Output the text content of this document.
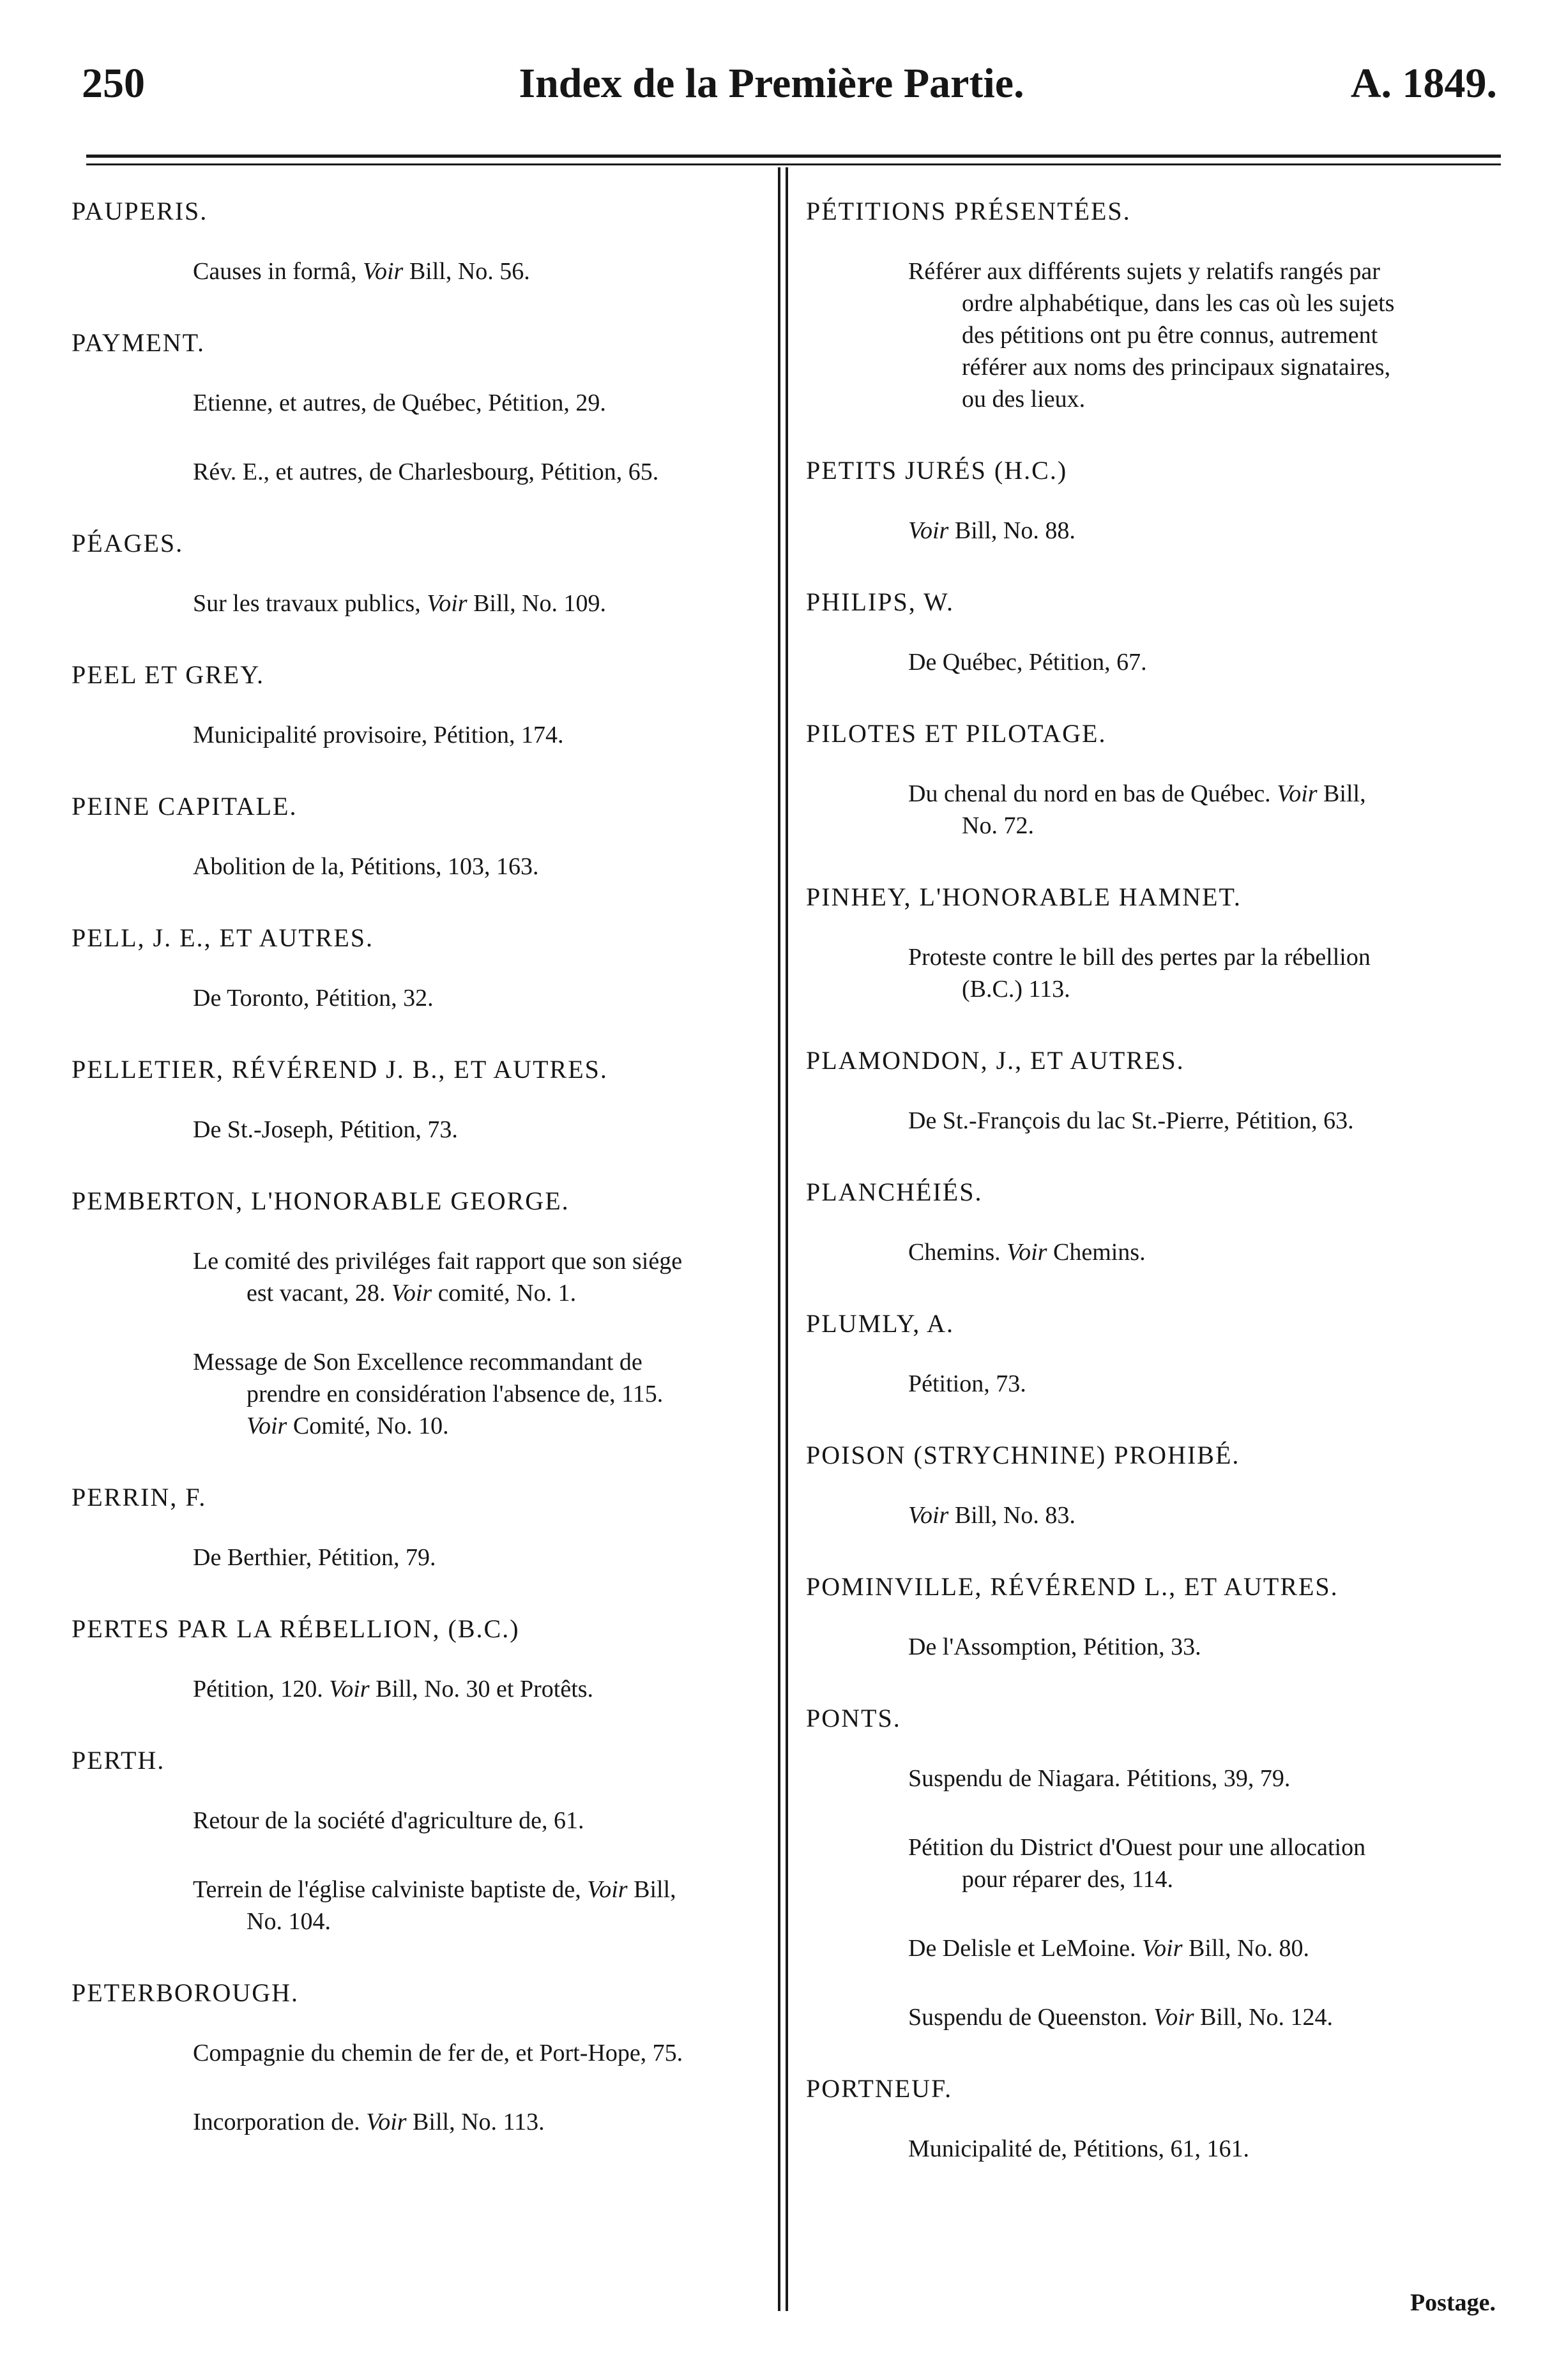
250	Index de la Première Partie.	A. 1849.
PAUPERIS.
Causes in formâ, Voir Bill, No. 56.
PAYMENT.
Etienne, et autres, de Québec, Pétition, 29.
Rév. E., et autres, de Charlesbourg, Pétition, 65.
PÉAGES.
Sur les travaux publics, Voir Bill, No. 109.
PEEL ET GREY.
Municipalité provisoire, Pétition, 174.
PEINE CAPITALE.
Abolition de la, Pétitions, 103, 163.
PELL, J. E., ET AUTRES.
De Toronto, Pétition, 32.
PELLETIER, RÉVÉREND J. B., ET AUTRES.
De St.-Joseph, Pétition, 73.
PEMBERTON, L'HONORABLE GEORGE.
Le comité des priviléges fait rapport que son siége
est vacant, 28. Voir comité, No. 1.
Message de Son Excellence recommandant de
prendre en considération l'absence de, 115.
Voir Comité, No. 10.
PERRIN, F.
De Berthier, Pétition, 79.
PERTES PAR LA RÉBELLION, (B.C.)
Pétition, 120. Voir Bill, No. 30 et Protêts.
PERTH.
Retour de la société d'agriculture de, 61.
Terrein de l'église calviniste baptiste de, Voir Bill,
No. 104.
PETERBOROUGH.
Compagnie du chemin de fer de, et Port-Hope, 75.
Incorporation de. Voir Bill, No. 113.
PÉTITIONS PRÉSENTÉES.
Référer aux différents sujets y relatifs rangés par
ordre alphabétique, dans les cas où les sujets
des pétitions ont pu être connus, autrement
référer aux noms des principaux signataires,
ou des lieux.
PETITS JURÉS (H.C.)
Voir Bill, No. 88.
PHILIPS, W.
De Québec, Pétition, 67.
PILOTES ET PILOTAGE.
Du chenal du nord en bas de Québec. Voir Bill,
No. 72.
PINHEY, L'HONORABLE HAMNET.
Proteste contre le bill des pertes par la rébellion
(B.C.) 113.
PLAMONDON, J., ET AUTRES.
De St.-François du lac St.-Pierre, Pétition, 63.
PLANCHÉIÉS.
Chemins. Voir Chemins.
PLUMLY, A.
Pétition, 73.
POISON (STRYCHNINE) PROHIBÉ.
Voir Bill, No. 83.
POMINVILLE, RÉVÉREND L., ET AUTRES.
De l'Assomption, Pétition, 33.
PONTS.
Suspendu de Niagara. Pétitions, 39, 79.
Pétition du District d'Ouest pour une allocation
pour réparer des, 114.
De Delisle et LeMoine. Voir Bill, No. 80.
Suspendu de Queenston. Voir Bill, No. 124.
PORTNEUF.
Municipalité de, Pétitions, 61, 161.
Postage.
